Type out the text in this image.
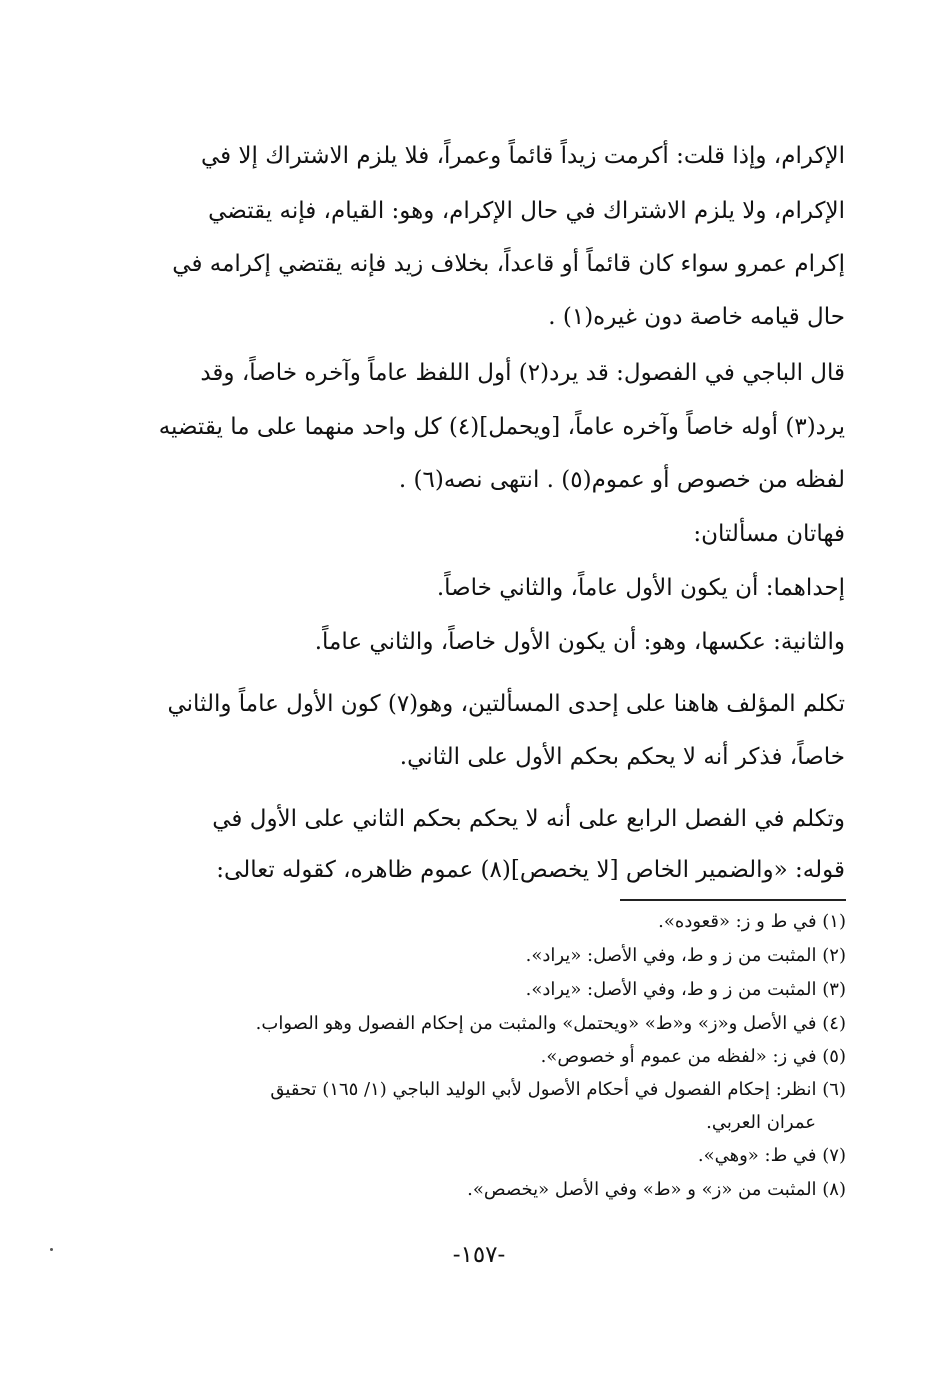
الإكرام، وإذا قلت: أكرمت زيداً قائماً وعمراً، فلا يلزم الاشتراك إلا في
الإكرام، ولا يلزم الاشتراك في حال الإكرام، وهو: القيام، فإنه يقتضي
إكرام عمرو سواء كان قائماً أو قاعداً، بخلاف زيد فإنه يقتضي إكرامه في
حال قيامه خاصة دون غيره(١) .
قال الباجي في الفصول: قد يرد(٢) أول اللفظ عاماً وآخره خاصاً، وقد
يرد(٣) أوله خاصاً وآخره عاماً، [ويحمل](٤) كل واحد منهما على ما يقتضيه
لفظه من خصوص أو عموم(٥) . انتهى نصه(٦) .
فهاتان مسألتان:
إحداهما: أن يكون الأول عاماً، والثاني خاصاً.
والثانية: عكسها، وهو: أن يكون الأول خاصاً، والثاني عاماً.
تكلم المؤلف هاهنا على إحدى المسألتين، وهو(٧) كون الأول عاماً والثاني
خاصاً، فذكر أنه لا يحكم بحكم الأول على الثاني.
وتكلم في الفصل الرابع على أنه لا يحكم بحكم الثاني على الأول في
قوله: «والضمير الخاص [لا يخصص](٨) عموم ظاهره، كقوله تعالى:
(١) في ط و ز: «قعوده».
(٢) المثبت من ز و ط، وفي الأصل: «يراد».
(٣) المثبت من ز و ط، وفي الأصل: «يراد».
(٤) في الأصل و«ز» و«ط» «ويحتمل» والمثبت من إحكام الفصول وهو الصواب.
(٥) في ز: «لفظه من عموم أو خصوص».
(٦) انظر: إحكام الفصول في أحكام الأصول لأبي الوليد الباجي (١/ ١٦٥) تحقيق
عمران العربي.
(٧) في ط: «وهي».
(٨) المثبت من «ز» و «ط» وفي الأصل «يخصص».
-١٥٧-
